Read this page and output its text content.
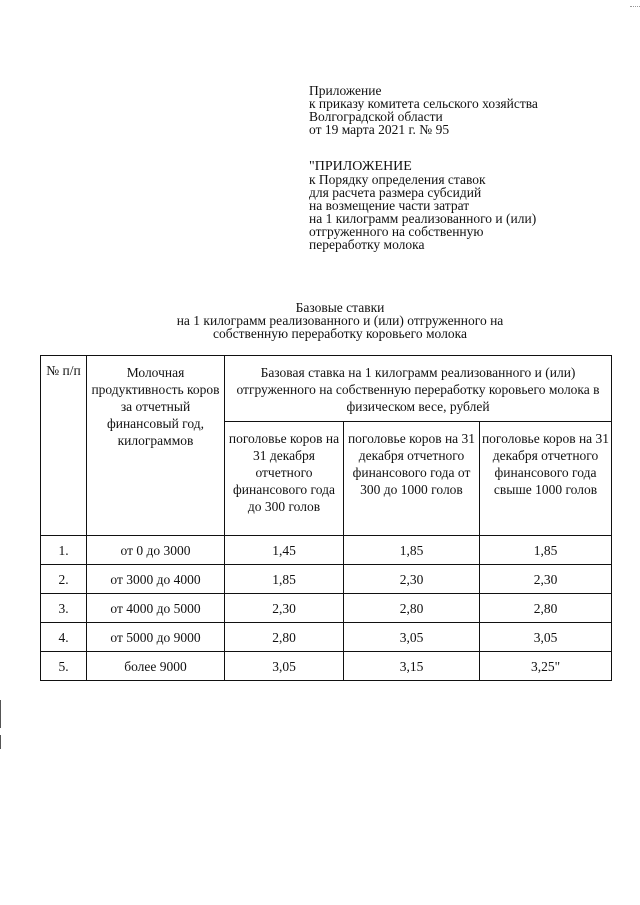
Приложение
к приказу комитета сельского хозяйства
Волгоградской области
от 19 марта 2021 г. № 95
"ПРИЛОЖЕНИЕ
к Порядку определения ставок
для расчета размера субсидий
на возмещение части затрат
на 1 килограмм реализованного и (или)
отгруженного на собственную
переработку молока
Базовые ставки
на 1 килограмм реализованного и (или) отгруженного на
собственную переработку коровьего молока
№ п/п	Молочная продуктивность коров за отчетный финансовый год, килограммов	Базовая ставка на 1 килограмм реализованного и (или) отгруженного на собственную переработку коровьего молока в физическом весе, рублей		
		поголовье коров на 31 декабря отчетного финансового года до 300 голов	поголовье коров на 31 декабря отчетного финансового года от 300 до 1000 голов	поголовье коров на 31 декабря отчетного финансового года свыше 1000 голов
1.	от 0 до 3000	1,45	1,85	1,85
2.	от 3000 до 4000	1,85	2,30	2,30
3.	от 4000 до 5000	2,30	2,80	2,80
4.	от 5000 до 9000	2,80	3,05	3,05
5.	более 9000	3,05	3,15	3,25"
